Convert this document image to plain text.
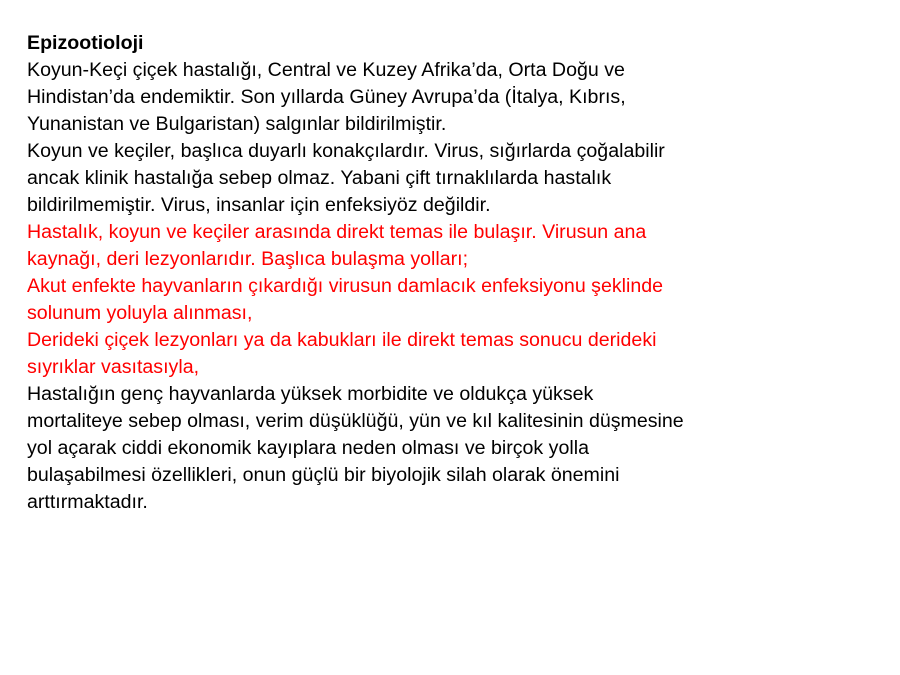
Epizootioloji

Koyun-Keçi çiçek hastalığı, Central ve Kuzey Afrika’da, Orta Doğu ve
Hindistan’da endemiktir. Son yıllarda Güney Avrupa’da (İtalya, Kıbrıs,
Yunanistan ve Bulgaristan) salgınlar bildirilmiştir.

Koyun ve keçiler, başlıca duyarlı konakçılardır. Virus, sığırlarda çoğalabilir
ancak klinik hastalığa sebep olmaz. Yabani çift tırnaklılarda hastalık
bildirilmemiştir. Virus, insanlar için enfeksiyöz değildir.

Hastalık, koyun ve keçiler arasında direkt temas ile bulaşır. Virusun ana
kaynağı, deri lezyonlarıdır. Başlıca bulaşma yolları;

Akut enfekte hayvanların çıkardığı virusun damlacık enfeksiyonu şeklinde
solunum yoluyla alınması,

Derideki çiçek lezyonları ya da kabukları ile direkt temas sonucu derideki
sıyrıklar vasıtasıyla,

Hastalığın genç hayvanlarda yüksek morbidite ve oldukça yüksek
mortaliteye sebep olması, verim düşüklüğü, yün ve kıl kalitesinin düşmesine
yol açarak ciddi ekonomik kayıplara neden olması ve birçok yolla
bulaşabilmesi özellikleri, onun güçlü bir biyolojik silah olarak önemini
arttırmaktadır.
